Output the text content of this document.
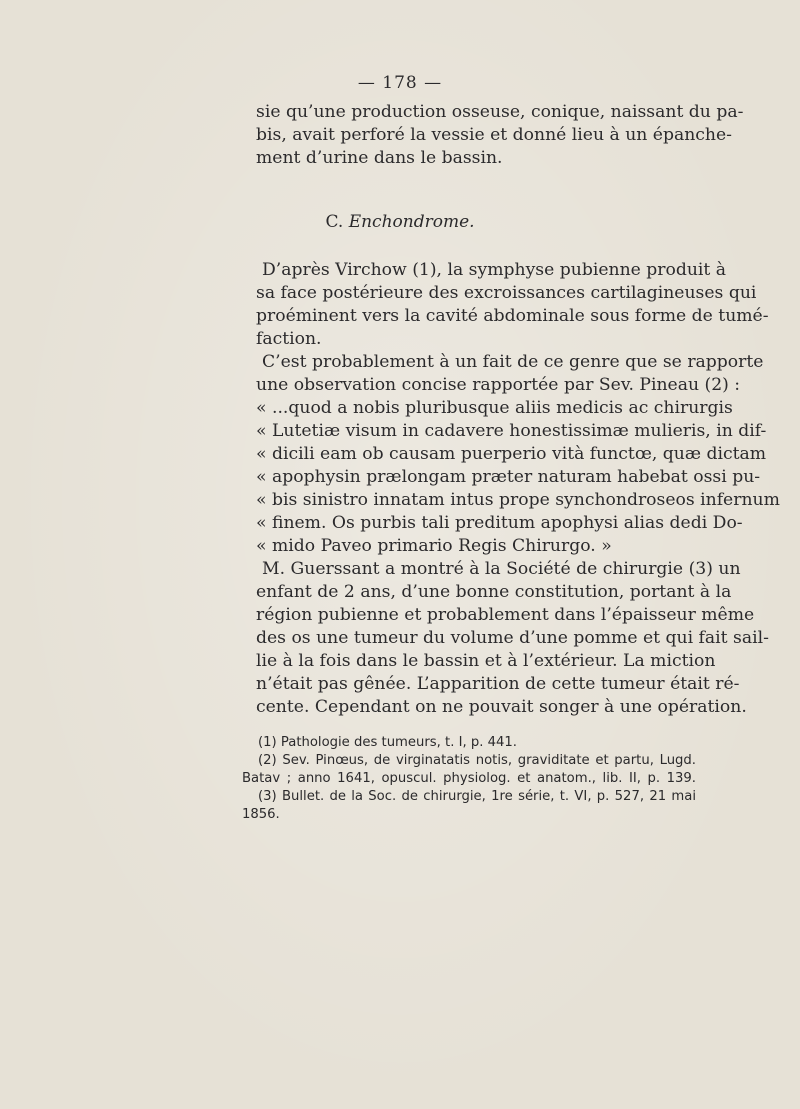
— 178 —
sie qu’une production osseuse, conique, naissant du pa-
bis, avait perforé la vessie et donné lieu à un épanche-
ment d’urine dans le bassin.
C. Enchondrome.
D’après Virchow (1), la symphyse pubienne produit à
sa face postérieure des excroissances cartilagineuses qui
proéminent vers la cavité abdominale sous forme de tumé-
faction.
C’est probablement à un fait de ce genre que se rapporte
une observation concise rapportée par Sev. Pineau (2) :
« ...quod a nobis pluribusque aliis medicis ac chirurgis
« Lutetiæ visum in cadavere honestissimæ mulieris, in dif-
« dicili eam ob causam puerperio vità functœ, quæ dictam
« apophysin prælongam præter naturam habebat ossi pu-
« bis sinistro innatam intus prope synchondroseos infernum
« finem. Os purbis tali preditum apophysi alias dedi Do-
« mido Paveo primario Regis Chirurgo. »
M. Guerssant a montré à la Société de chirurgie (3) un
enfant de 2 ans, d’une bonne constitution, portant à la
région pubienne et probablement dans l’épaisseur même
des os une tumeur du volume d’une pomme et qui fait sail-
lie à la fois dans le bassin et à l’extérieur. La miction
n’était pas gênée. L’apparition de cette tumeur était ré-
cente. Cependant on ne pouvait songer à une opération.
(1) Pathologie des tumeurs, t. I, p. 441.
(2) Sev. Pinœus, de virginatatis notis, graviditate et partu, Lugd.
Batav ; anno 1641, opuscul. physiolog. et anatom., lib. II, p. 139.
(3) Bullet. de la Soc. de chirurgie, 1re série, t. VI, p. 527, 21 mai
1856.
